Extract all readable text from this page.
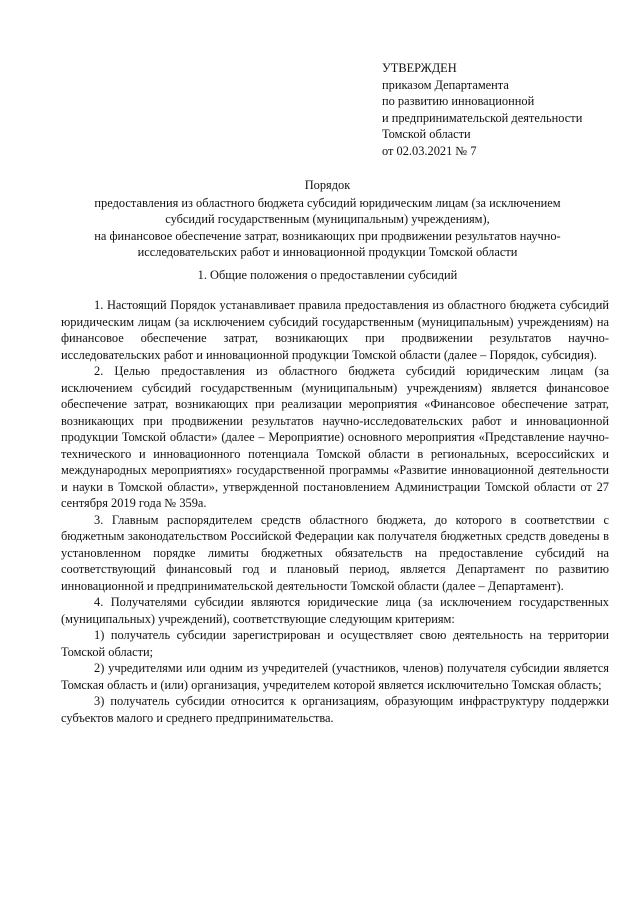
УТВЕРЖДЕН
приказом Департамента
по развитию инновационной
и предпринимательской деятельности
Томской области
от 02.03.2021 № 7
Порядок
предоставления из областного бюджета субсидий юридическим лицам (за исключением
субсидий государственным (муниципальным) учреждениям),
на финансовое обеспечение затрат, возникающих при продвижении результатов научно-
исследовательских работ и инновационной продукции Томской области
1. Общие положения о предоставлении субсидий

1. Настоящий Порядок устанавливает правила предоставления из областного бюджета субсидий юридическим лицам (за исключением субсидий государственным (муниципальным) учреждениям) на финансовое обеспечение затрат, возникающих при продвижении результатов научно-исследовательских работ и инновационной продукции Томской области (далее – Порядок, субсидия).

2. Целью предоставления из областного бюджета субсидий юридическим лицам (за исключением субсидий государственным (муниципальным) учреждениям) является финансовое обеспечение затрат, возникающих при реализации мероприятия «Финансовое обеспечение затрат, возникающих при продвижении результатов научно-исследовательских работ и инновационной продукции Томской области» (далее – Мероприятие) основного мероприятия «Представление научно-технического и инновационного потенциала Томской области в региональных, всероссийских и международных мероприятиях» государственной программы «Развитие инновационной деятельности и науки в Томской области», утвержденной постановлением Администрации Томской области от 27 сентября 2019 года № 359а.

3. Главным распорядителем средств областного бюджета, до которого в соответствии с бюджетным законодательством Российской Федерации как получателя бюджетных средств доведены в установленном порядке лимиты бюджетных обязательств на предоставление субсидий на соответствующий финансовый год и плановый период, является Департамент по развитию инновационной и предпринимательской деятельности Томской области (далее – Департамент).

4. Получателями субсидии являются юридические лица (за исключением государственных (муниципальных) учреждений), соответствующие следующим критериям:

1) получатель субсидии зарегистрирован и осуществляет свою деятельность на территории Томской области;

2) учредителями или одним из учредителей (участников, членов) получателя субсидии является Томская область и (или) организация, учредителем которой является исключительно Томская область;

3) получатель субсидии относится к организациям, образующим инфраструктуру поддержки субъектов малого и среднего предпринимательства.
